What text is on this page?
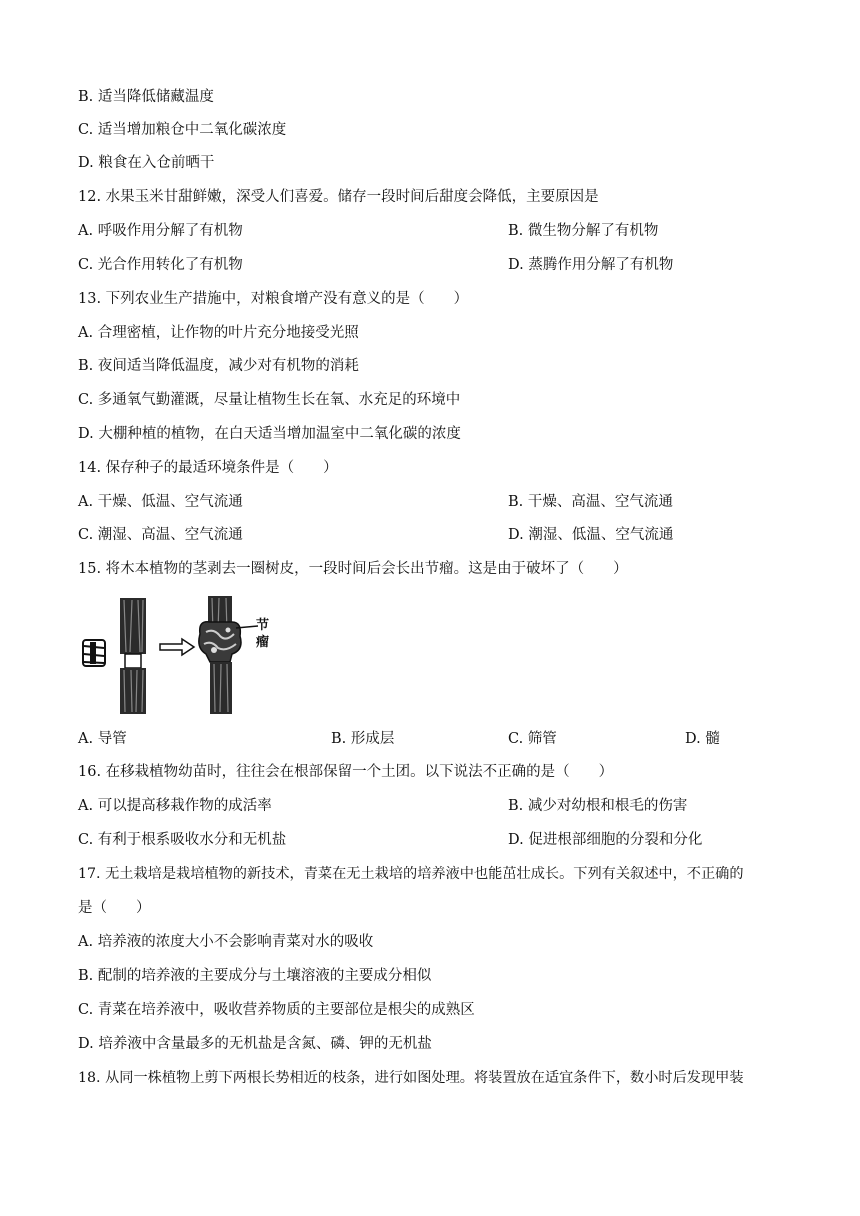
B. 适当降低储藏温度
C. 适当增加粮仓中二氧化碳浓度
D. 粮食在入仓前晒干
12. 水果玉米甘甜鲜嫩，深受人们喜爱。储存一段时间后甜度会降低，主要原因是
A. 呼吸作用分解了有机物	B. 微生物分解了有机物
C. 光合作用转化了有机物	D. 蒸腾作用分解了有机物
13. 下列农业生产措施中，对粮食增产没有意义的是（　　）
A. 合理密植，让作物的叶片充分地接受光照
B. 夜间适当降低温度，减少对有机物的消耗
C. 多通氧气勤灌溉，尽量让植物生长在氧、水充足的环境中
D. 大棚种植的植物，在白天适当增加温室中二氧化碳的浓度
14. 保存种子的最适环境条件是（　　）
A. 干燥、低温、空气流通	B. 干燥、高温、空气流通
C. 潮湿、高温、空气流通	D. 潮湿、低温、空气流通
15. 将木本植物的茎剥去一圈树皮，一段时间后会长出节瘤。这是由于破坏了（　　）
节
瘤
A. 导管	B. 形成层	C. 筛管	D. 髓
16. 在移栽植物幼苗时，往往会在根部保留一个土团。以下说法不正确的是（　　）
A. 可以提高移栽作物的成活率	B. 减少对幼根和根毛的伤害
C. 有利于根系吸收水分和无机盐	D. 促进根部细胞的分裂和分化
17. 无土栽培是栽培植物的新技术，青菜在无土栽培的培养液中也能茁壮成长。下列有关叙述中，不正确的
是（　　）
A. 培养液的浓度大小不会影响青菜对水的吸收
B. 配制的培养液的主要成分与土壤溶液的主要成分相似
C. 青菜在培养液中，吸收营养物质的主要部位是根尖的成熟区
D. 培养液中含量最多的无机盐是含氮、磷、钾的无机盐
18. 从同一株植物上剪下两根长势相近的枝条，进行如图处理。将装置放在适宜条件下，数小时后发现甲装
